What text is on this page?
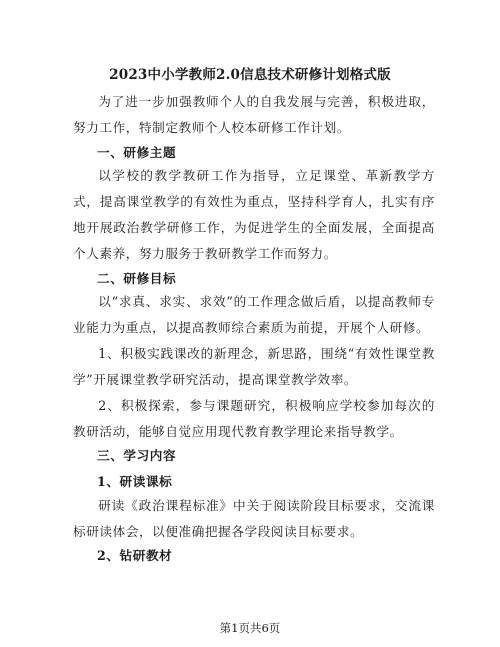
2023中小学教师2.0信息技术研修计划格式版
为了进一步加强教师个人的自我发展与完善，积极进取，努力工作，特制定教师个人校本研修工作计划。
一、研修主题
以学校的教学教研工作为指导，立足课堂、革新教学方式，提高课堂教学的有效性为重点，坚持科学育人，扎实有序地开展政治教学研修工作，为促进学生的全面发展，全面提高个人素养，努力服务于教研教学工作而努力。
二、研修目标
以“求真、求实、求效”的工作理念做后盾，以提高教师专业能力为重点，以提高教师综合素质为前提，开展个人研修。
1、积极实践课改的新理念，新思路，围绕“有效性课堂教学”开展课堂教学研究活动，提高课堂教学效率。
2、积极探索，参与课题研究，积极响应学校参加每次的教研活动，能够自觉应用现代教育教学理论来指导教学。
三、学习内容
1、研读课标
研读《政治课程标准》中关于阅读阶段目标要求，交流课标研读体会，以便准确把握各学段阅读目标要求。
2、钻研教材
第1页共6页
